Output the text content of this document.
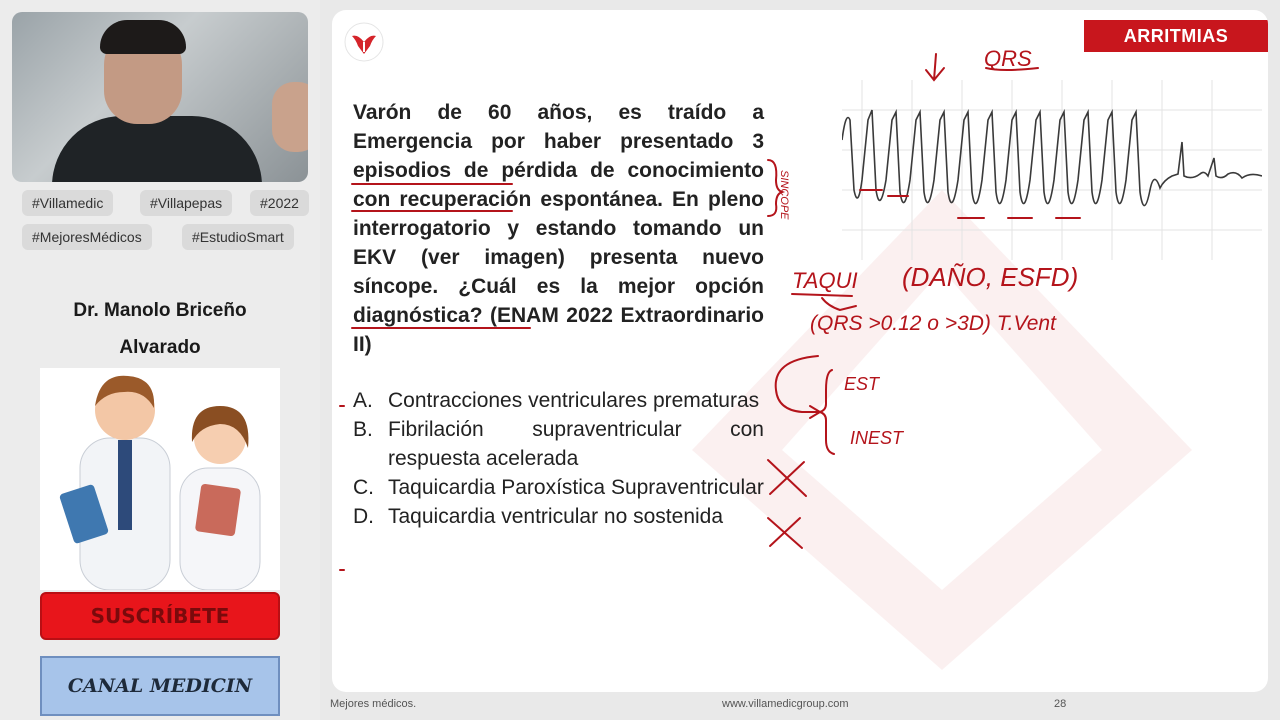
#Villamedic	#Villapepas	#2022
#MejoresMédicos	#EstudioSmart
Dr. Manolo Briceño
Alvarado
SUSCRÍBETE
CANAL MEDICIN
ARRITMIAS
Varón de 60 años, es traído a Emergencia por haber presentado 3 episodios de pérdida de conocimiento con recuperación espontánea. En pleno interrogatorio y estando tomando un EKV (ver imagen) presenta nuevo síncope. ¿Cuál es la mejor opción diagnóstica? (ENAM 2022 Extraordinario II)
A. Contracciones ventriculares prematuras
B. Fibrilación supraventricular con respuesta acelerada
C. Taquicardia Paroxística Supraventricular
D. Taquicardia ventricular no sostenida
QRS
TAQUI (DAÑO, ESFD)
(QRS >0.12 o >3D) T.Vent
EST
INEST
SINCOPE
Mejores médicos.	www.villamedicgroup.com	28
